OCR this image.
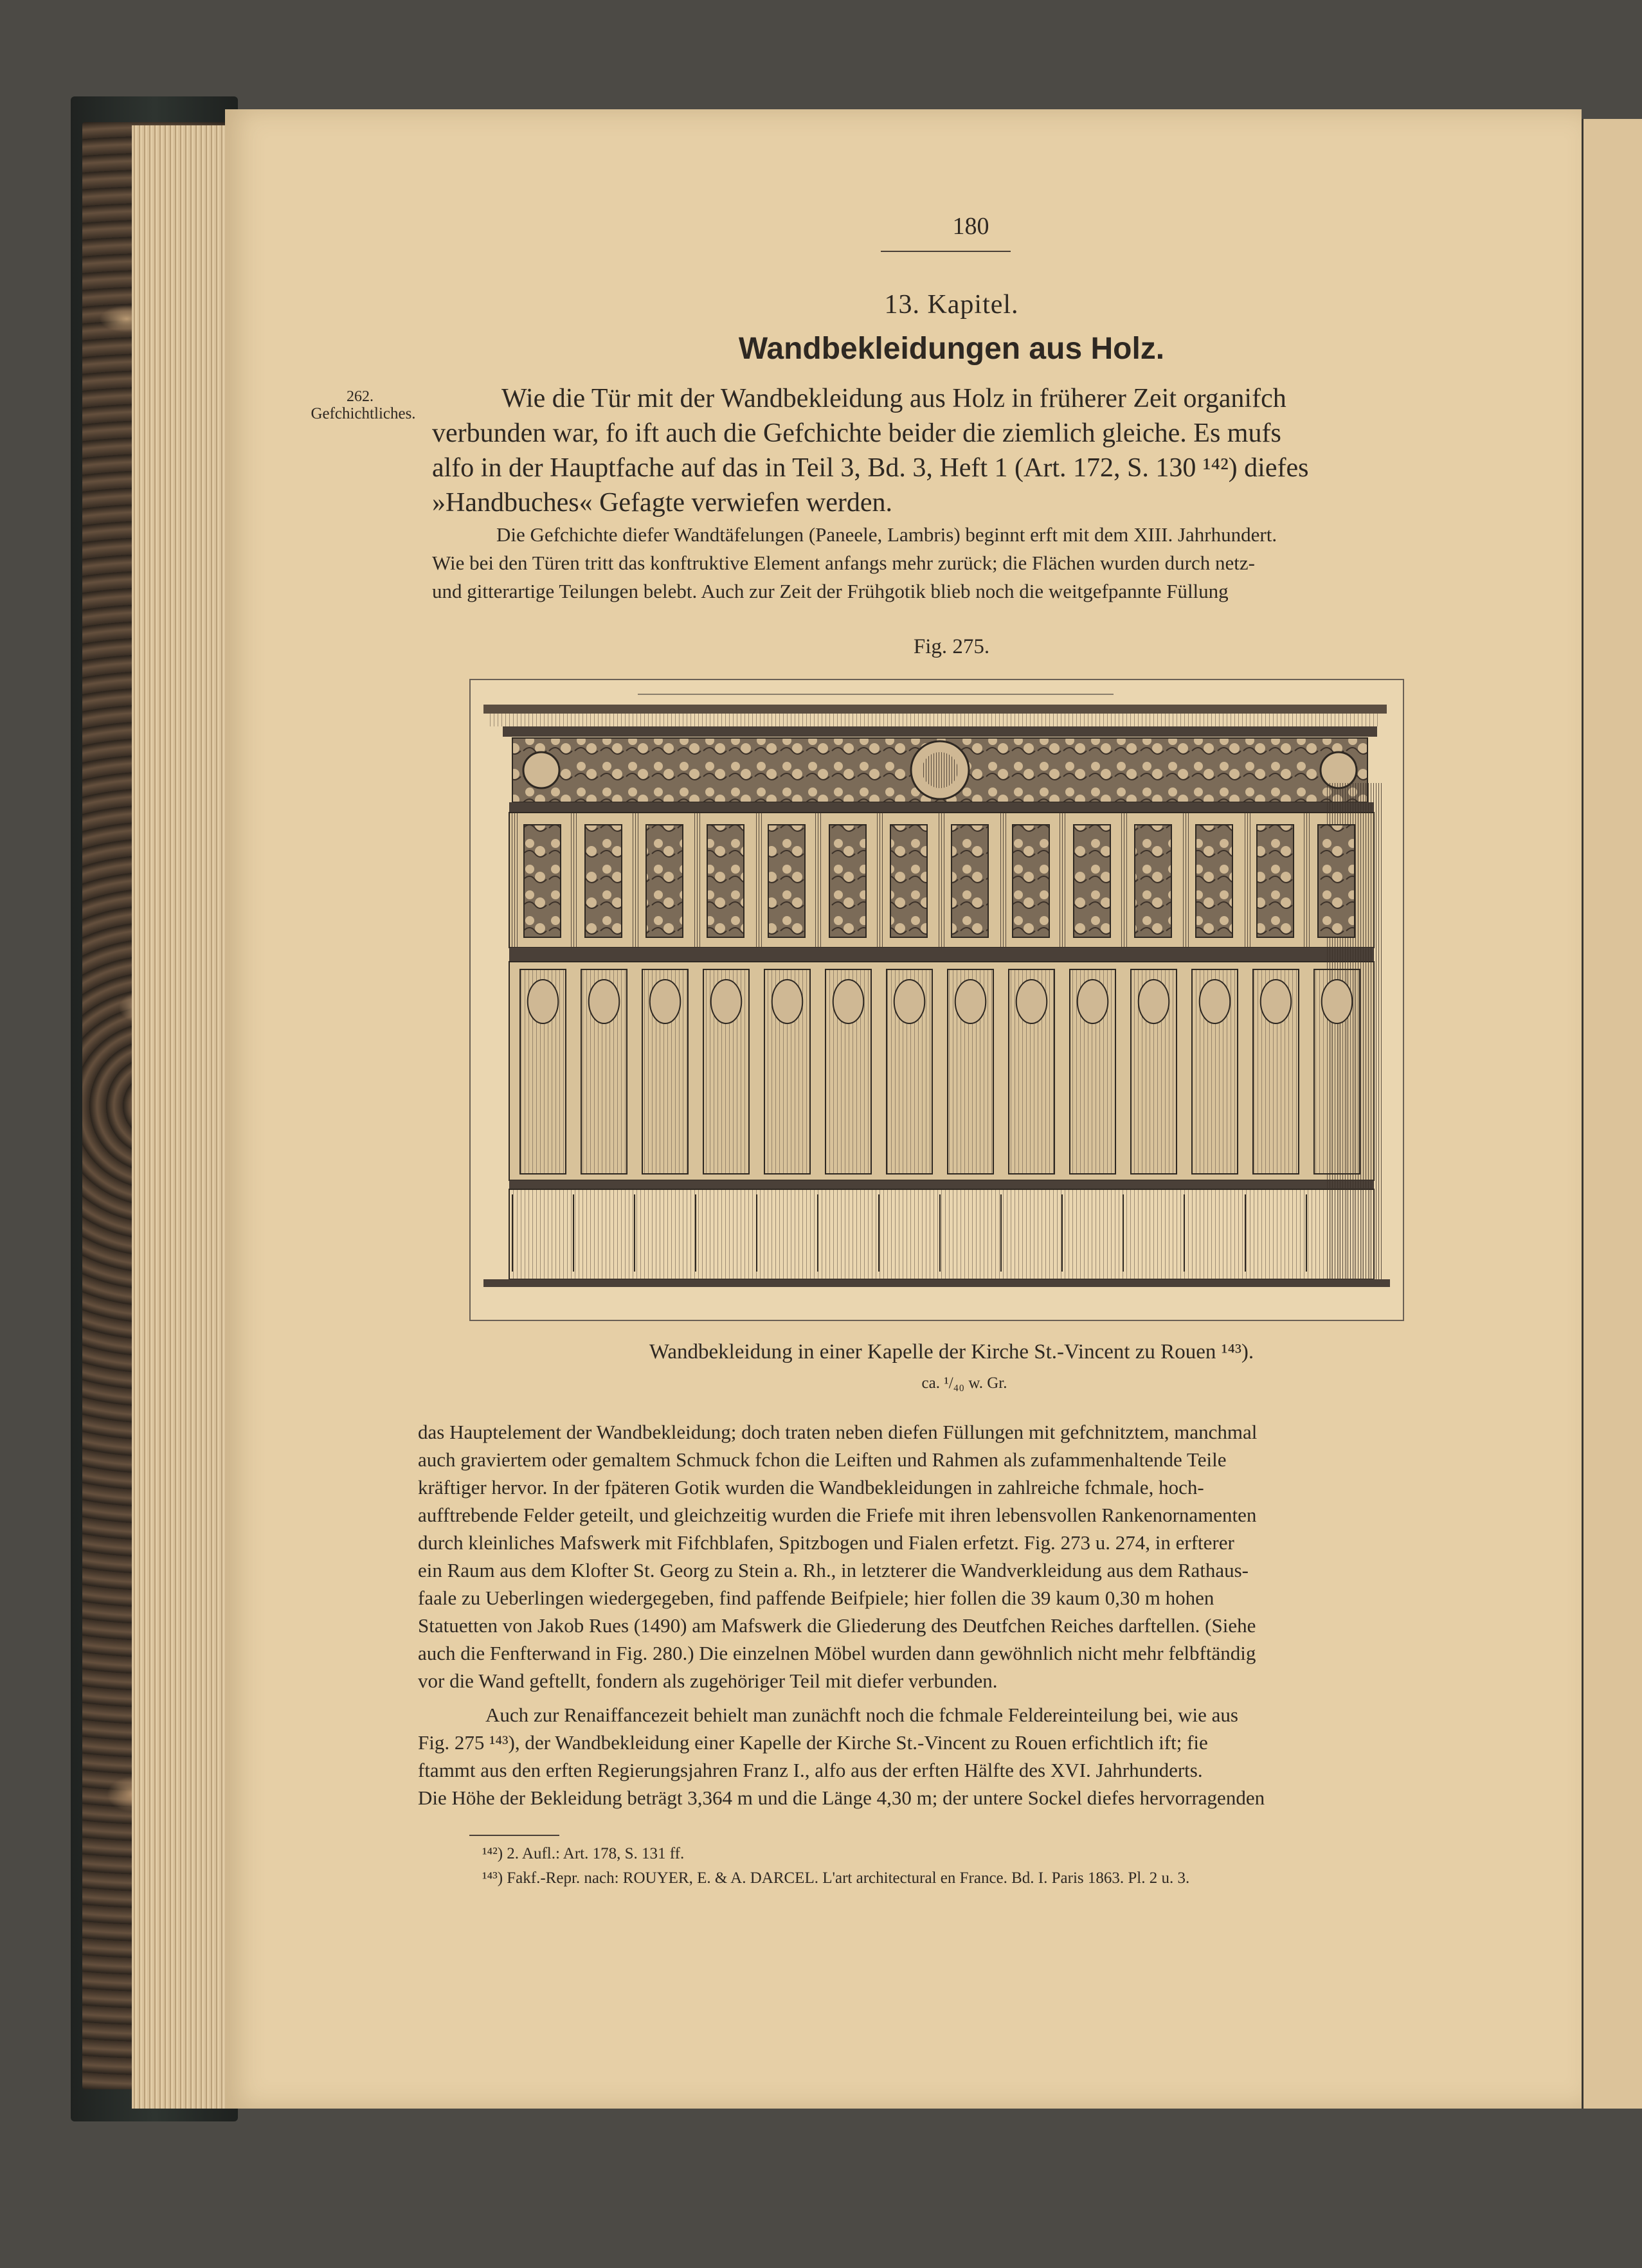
180
13. Kapitel.
Wandbekleidungen aus Holz.
262.
Gefchichtliches.
Wie die Tür mit der Wandbekleidung aus Holz in früherer Zeit organifch
verbunden war, fo ift auch die Gefchichte beider die ziemlich gleiche. Es mufs
alfo in der Hauptfache auf das in Teil 3, Bd. 3, Heft 1 (Art. 172, S. 130 ¹⁴²) diefes
»Handbuches« Gefagte verwiefen werden.
Die Gefchichte diefer Wandtäfelungen (Paneele, Lambris) beginnt erft mit dem XIII. Jahrhundert.
Wie bei den Türen tritt das konftruktive Element anfangs mehr zurück; die Flächen wurden durch netz-
und gitterartige Teilungen belebt. Auch zur Zeit der Frühgotik blieb noch die weitgefpannte Füllung
Fig. 275.
Wandbekleidung in einer Kapelle der Kirche St.-Vincent zu Rouen ¹⁴³).
ca. ¹/₄₀ w. Gr.
das Hauptelement der Wandbekleidung; doch traten neben diefen Füllungen mit gefchnitztem, manchmal
auch graviertem oder gemaltem Schmuck fchon die Leiften und Rahmen als zufammenhaltende Teile
kräftiger hervor. In der fpäteren Gotik wurden die Wandbekleidungen in zahlreiche fchmale, hoch-
aufftrebende Felder geteilt, und gleichzeitig wurden die Friefe mit ihren lebensvollen Rankenornamenten
durch kleinliches Mafswerk mit Fifchblafen, Spitzbogen und Fialen erfetzt. Fig. 273 u. 274, in erfterer
ein Raum aus dem Klofter St. Georg zu Stein a. Rh., in letzterer die Wandverkleidung aus dem Rathaus-
faale zu Ueberlingen wiedergegeben, find paffende Beifpiele; hier follen die 39 kaum 0,30 m hohen
Statuetten von Jakob Rues (1490) am Mafswerk die Gliederung des Deutfchen Reiches darftellen. (Siehe
auch die Fenfterwand in Fig. 280.) Die einzelnen Möbel wurden dann gewöhnlich nicht mehr felbftändig
vor die Wand geftellt, fondern als zugehöriger Teil mit diefer verbunden.
Auch zur Renaiffancezeit behielt man zunächft noch die fchmale Feldereinteilung bei, wie aus
Fig. 275 ¹⁴³), der Wandbekleidung einer Kapelle der Kirche St.-Vincent zu Rouen erfichtlich ift; fie
ftammt aus den erften Regierungsjahren Franz I., alfo aus der erften Hälfte des XVI. Jahrhunderts.
Die Höhe der Bekleidung beträgt 3,364 m und die Länge 4,30 m; der untere Sockel diefes hervorragenden
¹⁴²) 2. Aufl.: Art. 178, S. 131 ff.
¹⁴³) Fakf.-Repr. nach: ROUYER, E. & A. DARCEL. L'art architectural en France. Bd. I. Paris 1863. Pl. 2 u. 3.
